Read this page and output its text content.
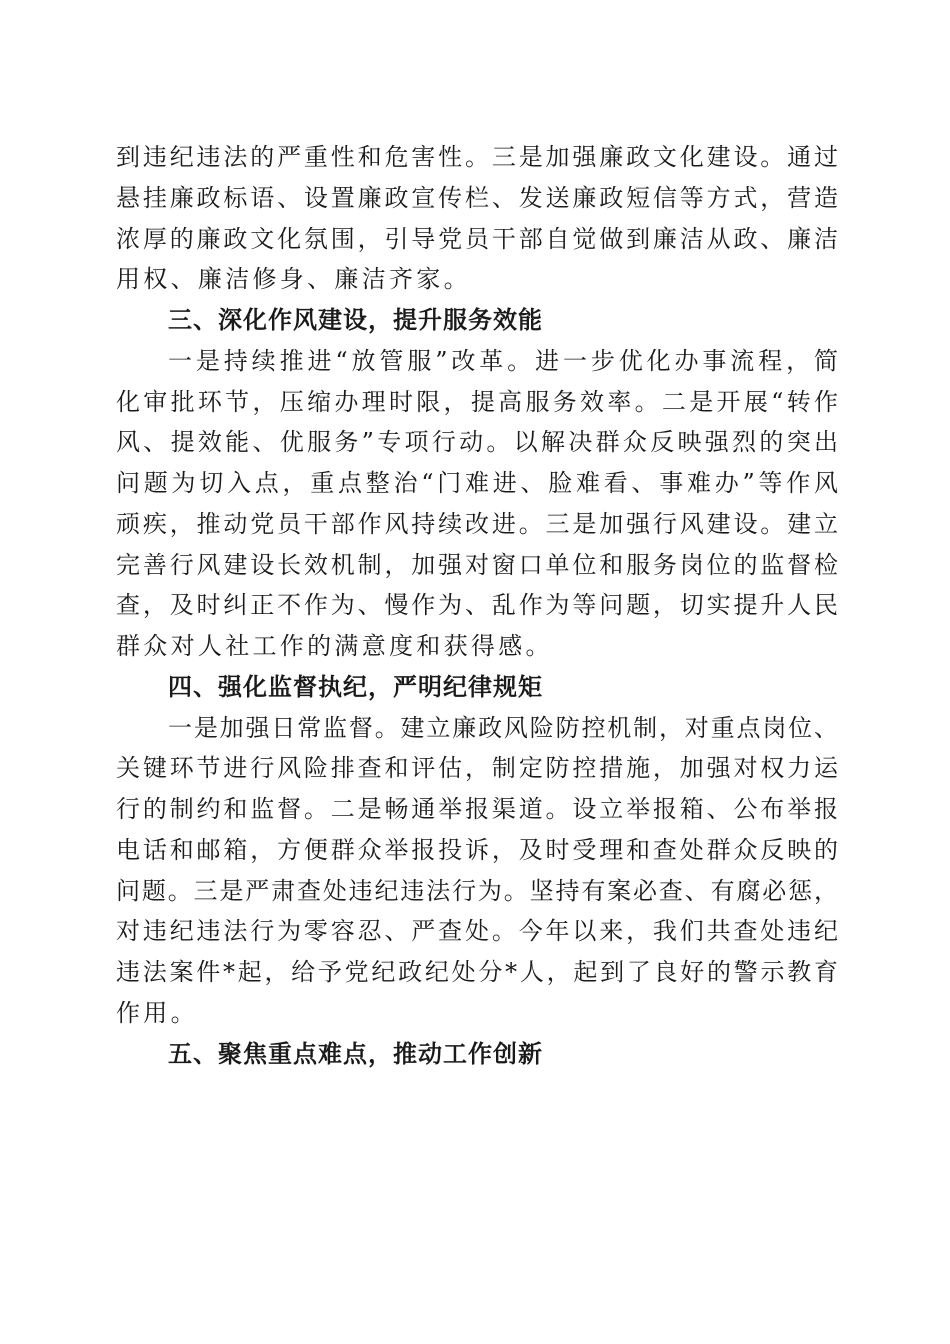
到违纪违法的严重性和危害性。三是加强廉政文化建设。通过
悬挂廉政标语、设置廉政宣传栏、发送廉政短信等方式，营造
浓厚的廉政文化氛围，引导党员干部自觉做到廉洁从政、廉洁
用权、廉洁修身、廉洁齐家。
三、深化作风建设，提升服务效能
一是持续推进“放管服”改革。进一步优化办事流程，简
化审批环节，压缩办理时限，提高服务效率。二是开展“转作
风、提效能、优服务”专项行动。以解决群众反映强烈的突出
问题为切入点，重点整治“门难进、脸难看、事难办”等作风
顽疾，推动党员干部作风持续改进。三是加强行风建设。建立
完善行风建设长效机制，加强对窗口单位和服务岗位的监督检
查，及时纠正不作为、慢作为、乱作为等问题，切实提升人民
群众对人社工作的满意度和获得感。
四、强化监督执纪，严明纪律规矩
一是加强日常监督。建立廉政风险防控机制，对重点岗位、
关键环节进行风险排查和评估，制定防控措施，加强对权力运
行的制约和监督。二是畅通举报渠道。设立举报箱、公布举报
电话和邮箱，方便群众举报投诉，及时受理和查处群众反映的
问题。三是严肃查处违纪违法行为。坚持有案必查、有腐必惩，
对违纪违法行为零容忍、严查处。今年以来，我们共查处违纪
违法案件*起，给予党纪政纪处分*人，起到了良好的警示教育
作用。
五、聚焦重点难点，推动工作创新
